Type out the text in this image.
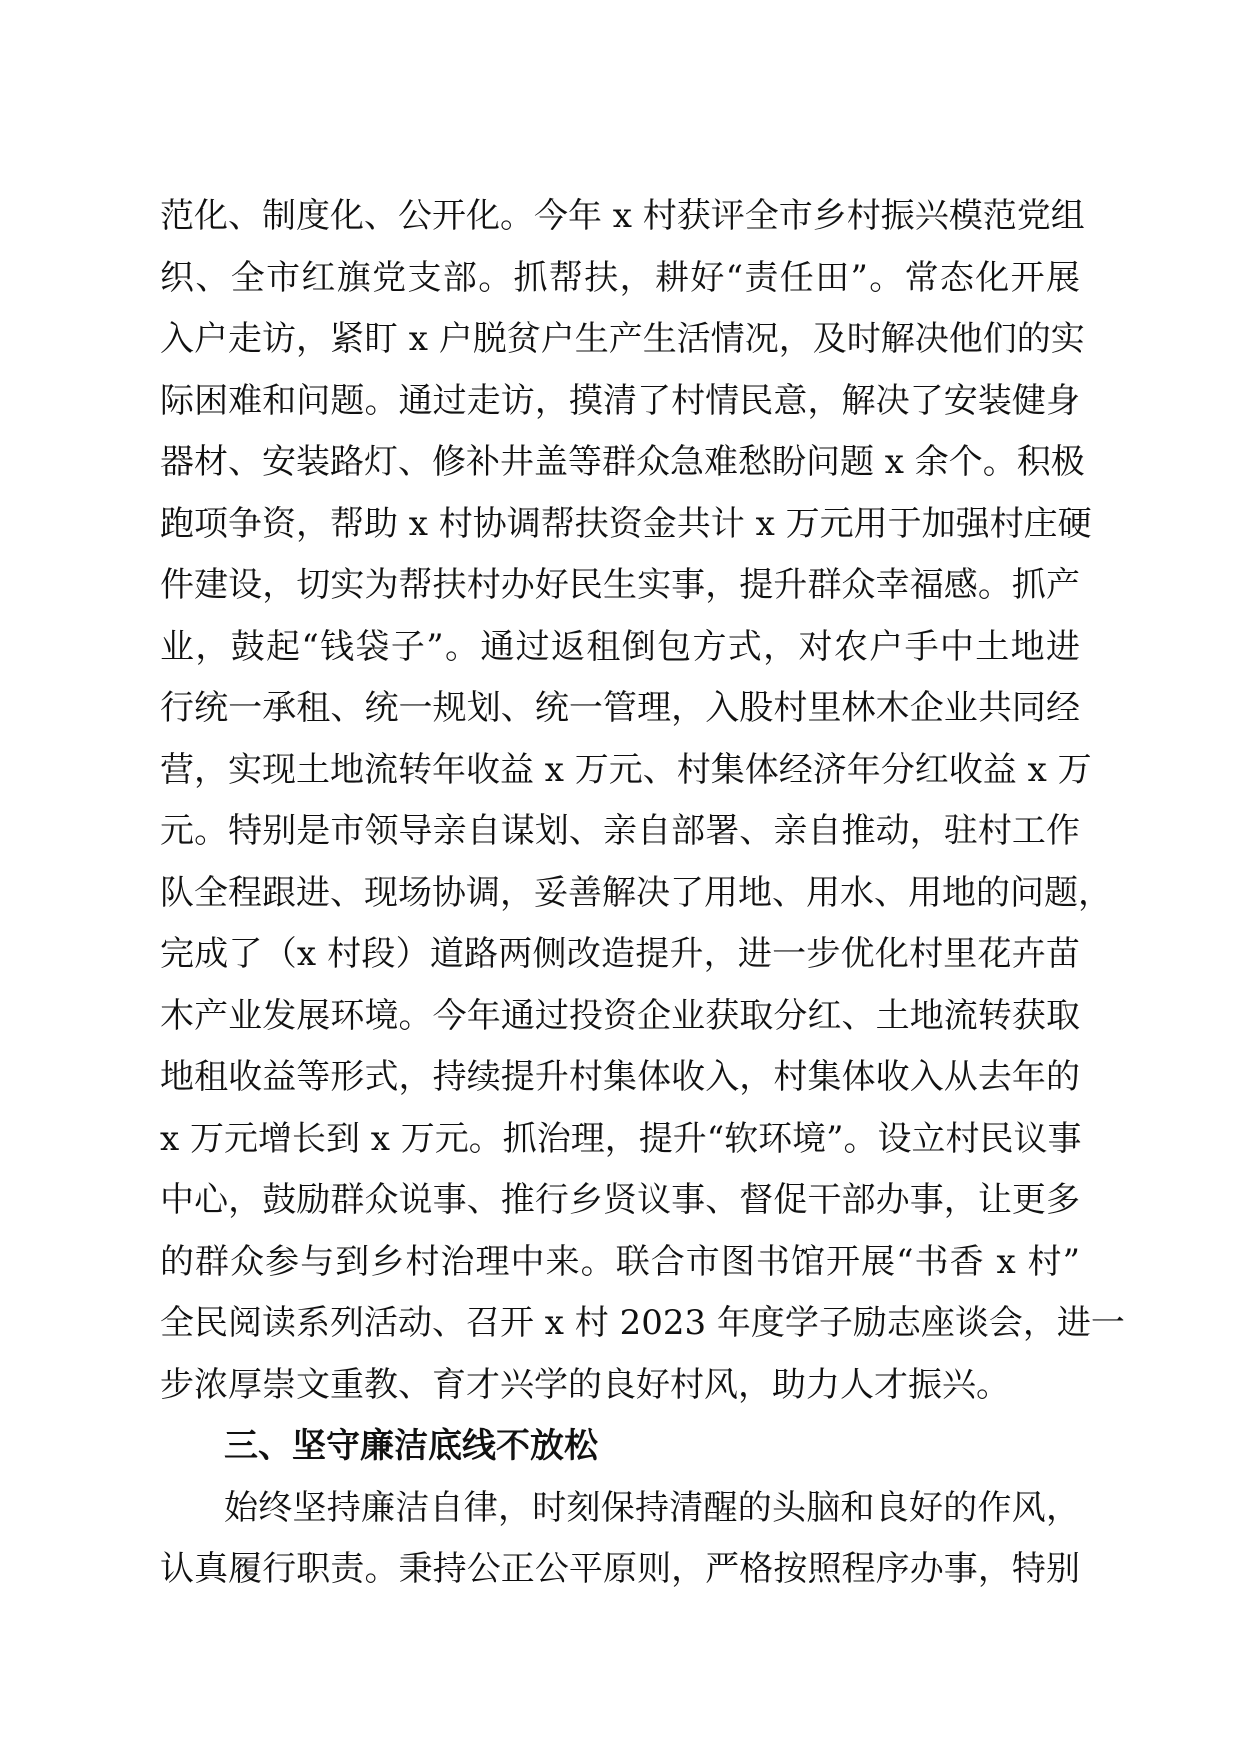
范化、制度化、公开化。今年 x 村获评全市乡村振兴模范党组
织、全市红旗党支部。抓帮扶，耕好“责任田”。常态化开展
入户走访，紧盯 x 户脱贫户生产生活情况，及时解决他们的实
际困难和问题。通过走访，摸清了村情民意，解决了安装健身
器材、安装路灯、修补井盖等群众急难愁盼问题 x 余个。积极
跑项争资，帮助 x 村协调帮扶资金共计 x 万元用于加强村庄硬
件建设，切实为帮扶村办好民生实事，提升群众幸福感。抓产
业，鼓起“钱袋子”。通过返租倒包方式，对农户手中土地进
行统一承租、统一规划、统一管理，入股村里林木企业共同经
营，实现土地流转年收益 x 万元、村集体经济年分红收益 x 万
元。特别是市领导亲自谋划、亲自部署、亲自推动，驻村工作
队全程跟进、现场协调，妥善解决了用地、用水、用地的问题，
完成了（x 村段）道路两侧改造提升，进一步优化村里花卉苗
木产业发展环境。今年通过投资企业获取分红、土地流转获取
地租收益等形式，持续提升村集体收入，村集体收入从去年的
x 万元增长到 x 万元。抓治理，提升“软环境”。设立村民议事
中心，鼓励群众说事、推行乡贤议事、督促干部办事，让更多
的群众参与到乡村治理中来。联合市图书馆开展“书香 x 村”
全民阅读系列活动、召开 x 村 2023 年度学子励志座谈会，进一
步浓厚崇文重教、育才兴学的良好村风，助力人才振兴。
三、坚守廉洁底线不放松
始终坚持廉洁自律，时刻保持清醒的头脑和良好的作风，
认真履行职责。秉持公正公平原则，严格按照程序办事，特别
